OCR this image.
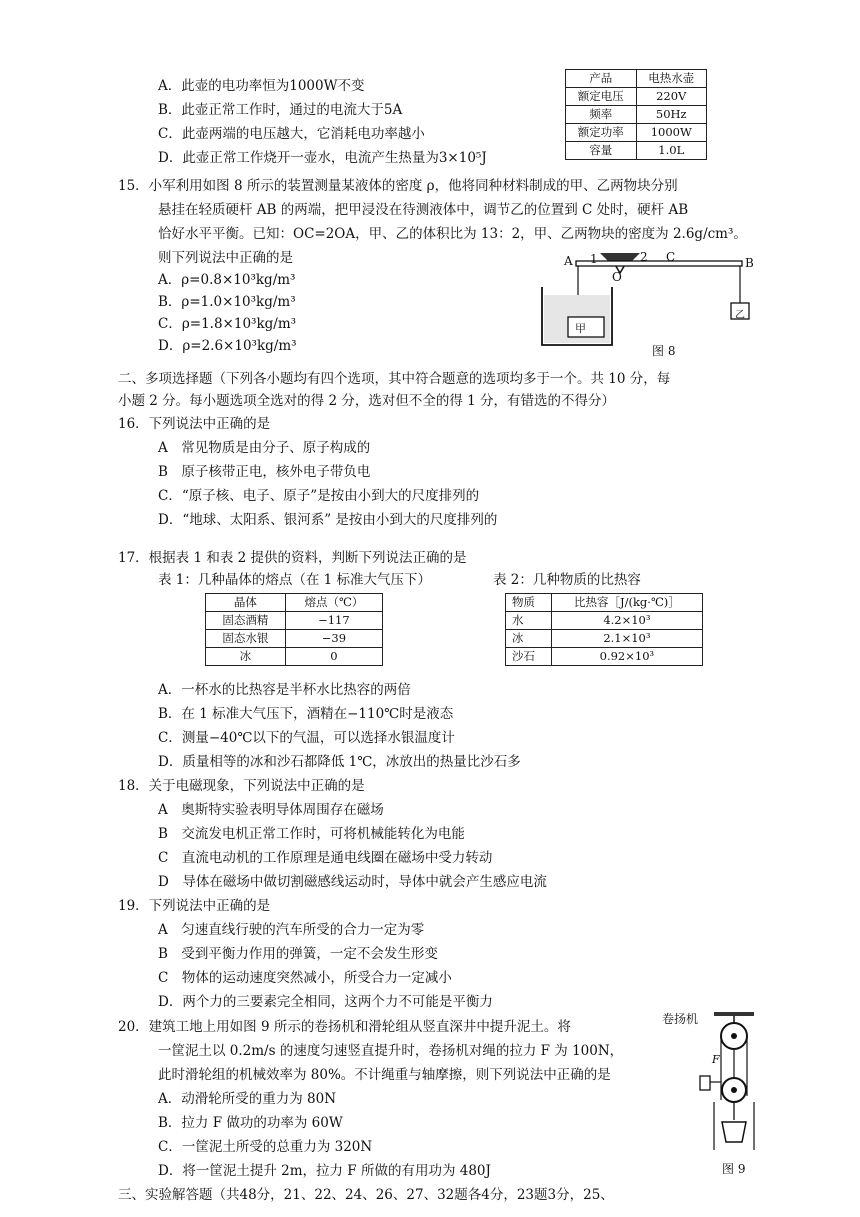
A．此壶的电功率恒为1000W不变
B．此壶正常工作时，通过的电流大于5A
C．此壶两端的电压越大，它消耗电功率越小
D．此壶正常工作烧开一壶水，电流产生热量为3×10⁵J
产品	电热水壶
额定电压	220V
频率	50Hz
额定功率	1000W
容量	1.0L
15．小军利用如图 8 所示的装置测量某液体的密度 ρ，他将同种材料制成的甲、乙两物块分别
悬挂在轻质硬杆 AB 的两端，把甲浸没在待测液体中，调节乙的位置到 C 处时，硬杆 AB
恰好水平平衡。已知：OC=2OA，甲、乙的体积比为 13：2，甲、乙两物块的密度为 2.6g/cm³。
则下列说法中正确的是
A．ρ=0.8×10³kg/m³
B．ρ=1.0×10³kg/m³
C．ρ=1.8×10³kg/m³
D．ρ=2.6×10³kg/m³
A 1
O
2 C	B
甲
乙
图 8
二、多项选择题（下列各小题均有四个选项，其中符合题意的选项均多于一个。共 10 分，每
小题 2 分。每小题选项全选对的得 2 分，选对但不全的得 1 分，有错选的不得分）
16．下列说法中正确的是
A　常见物质是由分子、原子构成的
B　原子核带正电，核外电子带负电
C．“原子核、电子、原子”是按由小到大的尺度排列的
D．“地球、太阳系、银河系” 是按由小到大的尺度排列的
17．根据表 1 和表 2 提供的资料，判断下列说法正确的是
表 1：几种晶体的熔点（在 1 标准大气压下）	表 2：几种物质的比热容
晶体	熔点（℃）
固态酒精	−117
固态水银	−39
冰	0
物质	比热容［J/(kg·℃)］
水	4.2×10³
冰	2.1×10³
沙石	0.92×10³
A．一杯水的比热容是半杯水比热容的两倍
B．在 1 标准大气压下，酒精在−110℃时是液态
C．测量−40℃以下的气温，可以选择水银温度计
D．质量相等的冰和沙石都降低 1℃，冰放出的热量比沙石多
18．关于电磁现象，下列说法中正确的是
A　奥斯特实验表明导体周围存在磁场
B　交流发电机正常工作时，可将机械能转化为电能
C　直流电动机的工作原理是通电线圈在磁场中受力转动
D　导体在磁场中做切割磁感线运动时，导体中就会产生感应电流
19．下列说法中正确的是
A　匀速直线行驶的汽车所受的合力一定为零
B　受到平衡力作用的弹簧，一定不会发生形变
C　物体的运动速度突然减小，所受合力一定减小
D．两个力的三要素完全相同，这两个力不可能是平衡力
20．建筑工地上用如图 9 所示的卷扬机和滑轮组从竖直深井中提升泥土。将
一筐泥土以 0.2m/s 的速度匀速竖直提升时，卷扬机对绳的拉力 F 为 100N，
此时滑轮组的机械效率为 80%。不计绳重与轴摩擦，则下列说法中正确的是
A．动滑轮所受的重力为 80N
B．拉力 F 做功的功率为 60W
C．一筐泥土所受的总重力为 320N
D．将一筐泥土提升 2m，拉力 F 所做的有用功为 480J
卷扬机
F
图 9
三、实验解答题（共48分，21、22、24、26、27、32题各4分，23题3分，25、
